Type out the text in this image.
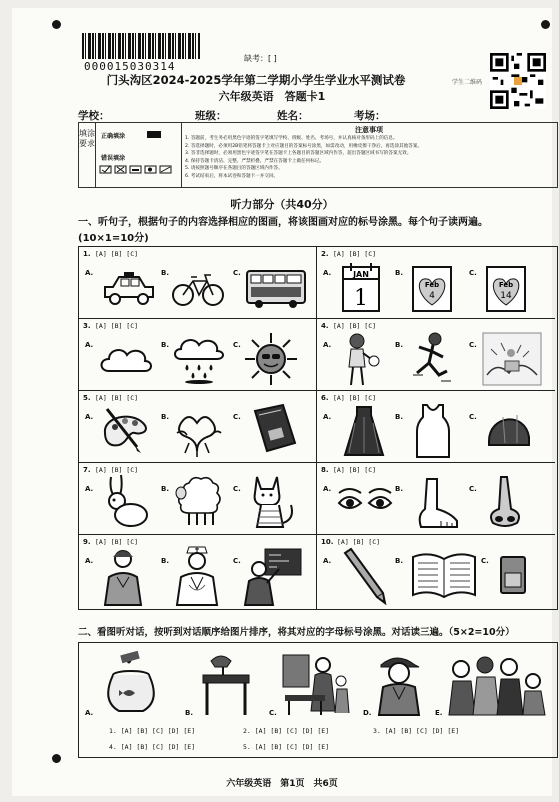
000015030314
缺考：[ ]
门头沟区2024-2025学年第二学期小学生学业水平测试卷
六年级英语　答题卡1
学生二维码
学校：	班级：	姓名：	考场：
填涂要求
正确填涂
错误填涂
注意事项
1. 答题前，考生务必用黑色字迹的签字笔填写学校、班级、姓名、考场号，并认真核对条形码上的信息。
2. 答选择题时，必须用2B铅笔将答题卡上对应题目的答案标号涂黑，如需改动，用橡皮擦干净后，再选涂其他答案。
3. 答非选择题时，必须用黑色字迹签字笔在答题卡上各题目的答题区域内作答，超出答题区域书写的答案无效。
4. 保持答题卡清洁、完整，严禁折叠、严禁在答题卡上做任何标记。
5. 请按照题号顺序在各题目的答题区域内作答。
6. 考试结束后，将本试卷和答题卡一并交回。
听力部分（共40分）
一、听句子，根据句子的内容选择相应的图画，将该图画对应的标号涂黑。每个句子读两遍。
(10×1=10分)
1. [A] [B] [C]
A.	B.	C.
2. [A] [B] [C]
A.	JAN
1
B.
Feb
4
C.
Feb
14
3. [A] [B] [C]
A.	B.	C.
4. [A] [B] [C]
A.	B.	C.
5. [A] [B] [C]
A.	B.	C.
6. [A] [B] [C]
A.	B.	C.
7. [A] [B] [C]
A.	B.	C.
8. [A] [B] [C]
A.	B.	C.
9. [A] [B] [C]
A.	B.	C.
10. [A] [B] [C]
A.	B.	C.
二、看图听对话，按听到对话顺序给图片排序，将其对应的字母标号涂黑。对话读三遍。（5×2=10分）
A.	B.	C.	D.	E.
1. [A] [B] [C] [D] [E]	2. [A] [B] [C] [D] [E]	3. [A] [B] [C] [D] [E]
4. [A] [B] [C] [D] [E]	5. [A] [B] [C] [D] [E]
六年级英语　第1页　共6页
